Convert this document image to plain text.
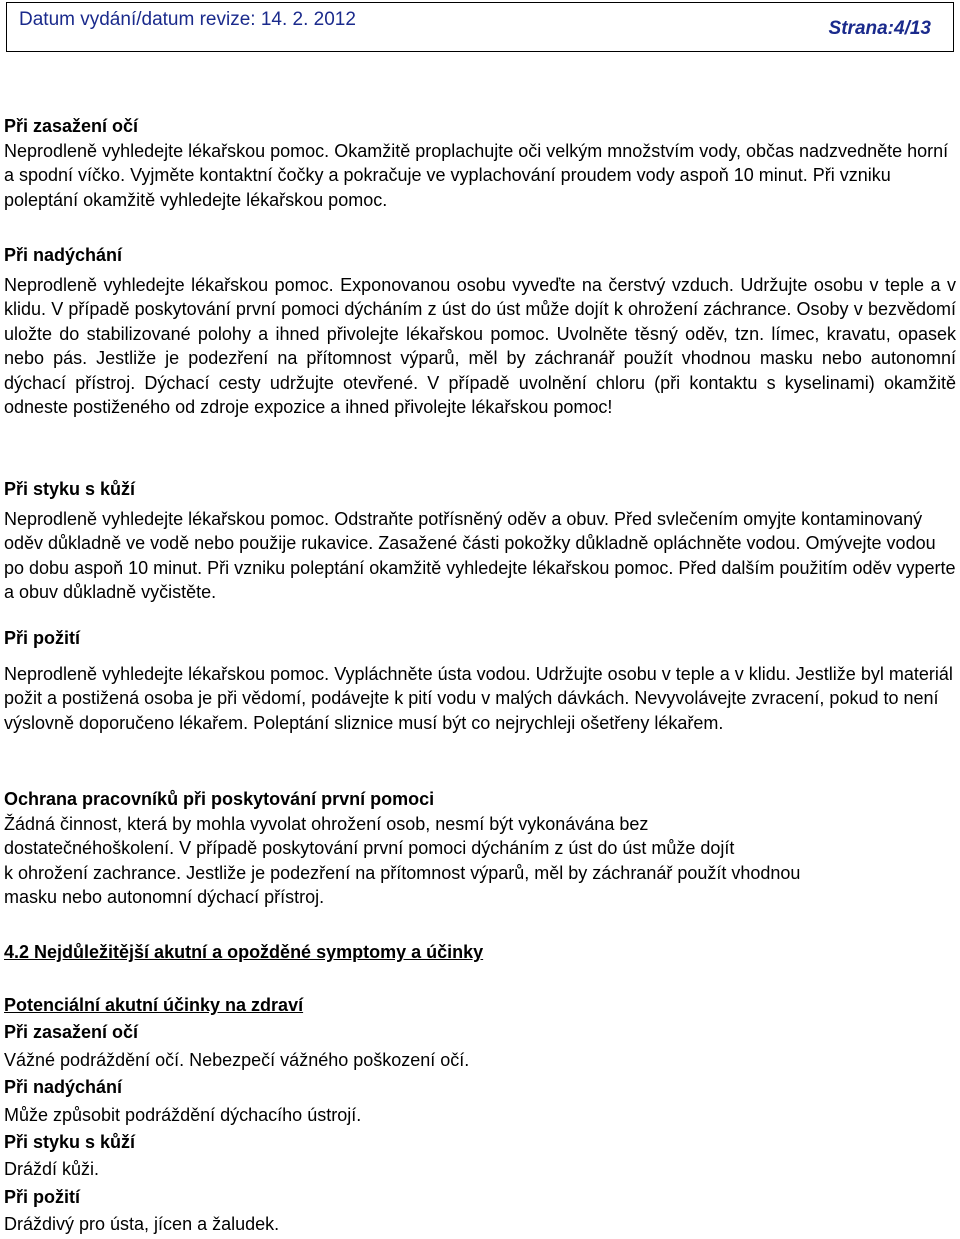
Datum vydání/datum revize: 14. 2. 2012	Strana:4/13
Při zasažení očí
Neprodleně vyhledejte lékařskou pomoc. Okamžitě proplachujte oči velkým množstvím vody, občas nadzvedněte horní a spodní víčko. Vyjměte kontaktní čočky a pokračuje ve vyplachování proudem vody aspoň 10 minut. Při vzniku poleptání okamžitě vyhledejte lékařskou pomoc.
Při nadýchání
Neprodleně vyhledejte lékařskou pomoc. Exponovanou osobu vyveďte na čerstvý vzduch. Udržujte osobu v teple a v klidu. V případě poskytování první pomoci dýcháním z úst do úst může dojít k ohrožení záchrance. Osoby v bezvědomí uložte do stabilizované polohy a ihned přivolejte lékařskou pomoc. Uvolněte těsný oděv, tzn. límec, kravatu, opasek nebo pás. Jestliže je podezření na přítomnost výparů, měl by záchranář použít vhodnou masku nebo autonomní dýchací přístroj. Dýchací cesty udržujte otevřené. V případě uvolnění chloru (při kontaktu s kyselinami) okamžitě odneste postiženého od zdroje expozice a ihned přivolejte lékařskou pomoc!
Při styku s kůží
Neprodleně vyhledejte lékařskou pomoc. Odstraňte potřísněný oděv a obuv. Před svlečením omyjte kontaminovaný oděv důkladně ve vodě nebo použije rukavice. Zasažené části pokožky důkladně opláchněte vodou. Omývejte vodou po dobu aspoň 10 minut. Při vzniku poleptání okamžitě vyhledejte lékařskou pomoc. Před dalším použitím oděv vyperte a obuv důkladně vyčistěte.
Při požití
Neprodleně vyhledejte lékařskou pomoc. Vypláchněte ústa vodou. Udržujte osobu v teple a v klidu. Jestliže byl materiál požit a postižená osoba je při vědomí, podávejte k pití vodu v malých dávkách. Nevyvolávejte zvracení, pokud to není výslovně doporučeno lékařem. Poleptání sliznice musí být co nejrychleji ošetřeny lékařem.
Ochrana pracovníků při poskytování první pomoci
Žádná činnost, která by mohla vyvolat ohrožení osob, nesmí být vykonávána bez
dostatečnéhoškolení. V případě poskytování první pomoci dýcháním z úst do úst může dojít
k ohrožení zachrance. Jestliže je podezření na přítomnost výparů, měl by záchranář použít vhodnou
masku nebo autonomní dýchací přístroj.
4.2 Nejdůležitější akutní a opožděné symptomy a účinky
Potenciální akutní účinky na zdraví
Při zasažení očí
Vážné podráždění očí. Nebezpečí vážného poškození očí.
Při nadýchání
Může způsobit podráždění dýchacího ústrojí.
Při styku s kůží
Dráždí kůži.
Při požití
Dráždivý pro ústa, jícen a žaludek.
